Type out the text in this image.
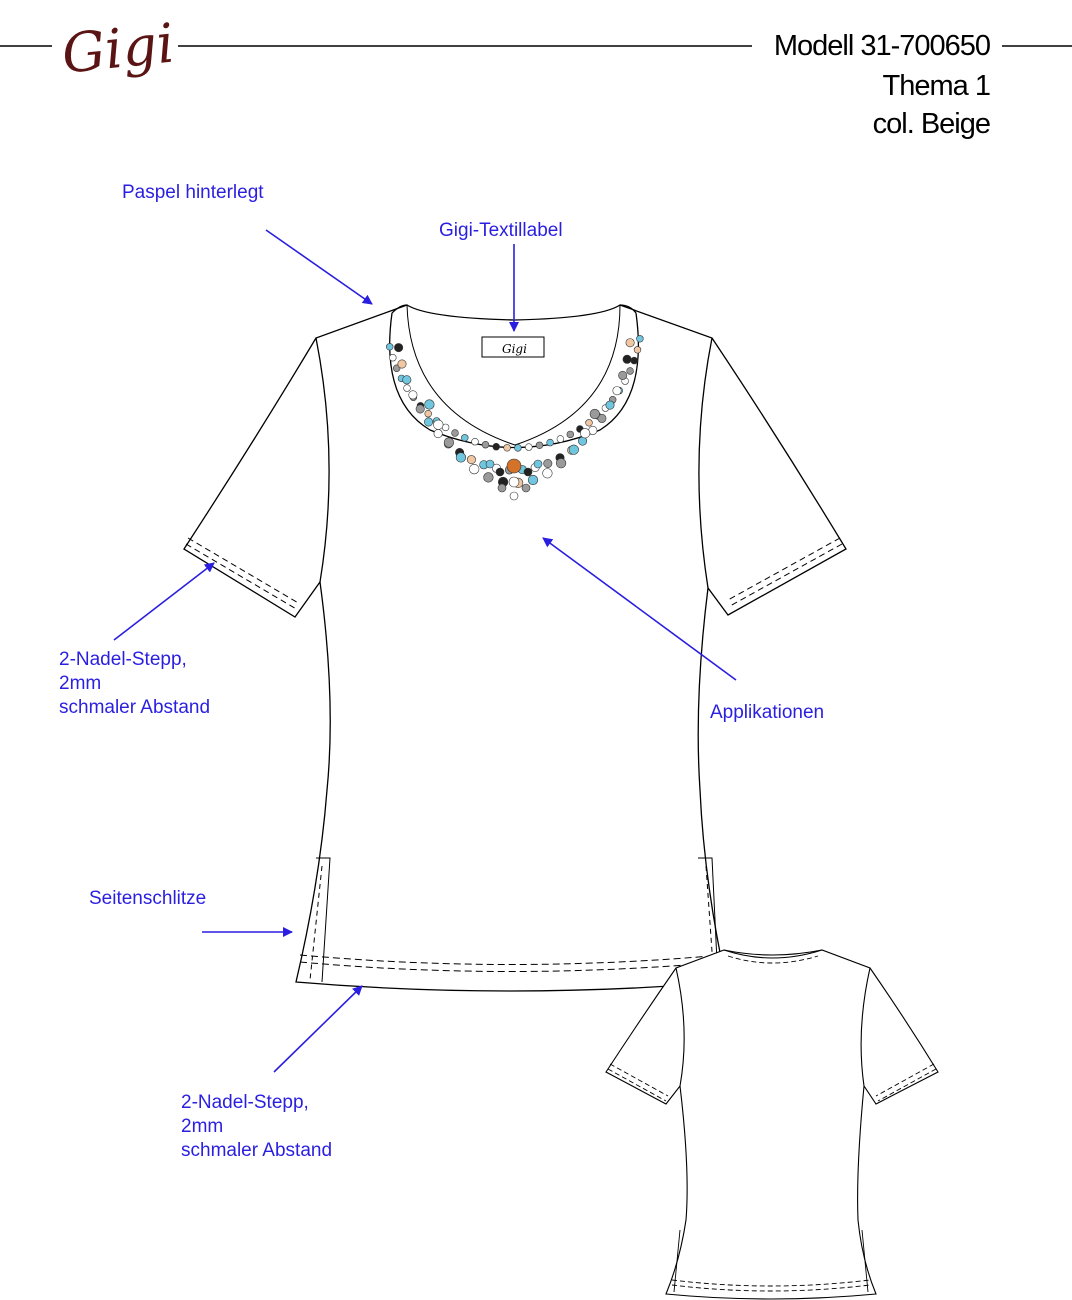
Gigi
Gigi
Modell 31-700650
Thema 1
col. Beige
Paspel hinterlegt
Gigi-Textillabel
2-Nadel-Stepp,
2mm
schmaler Abstand	Applikationen
Seitenschlitze
2-Nadel-Stepp,
2mm
schmaler Abstand
